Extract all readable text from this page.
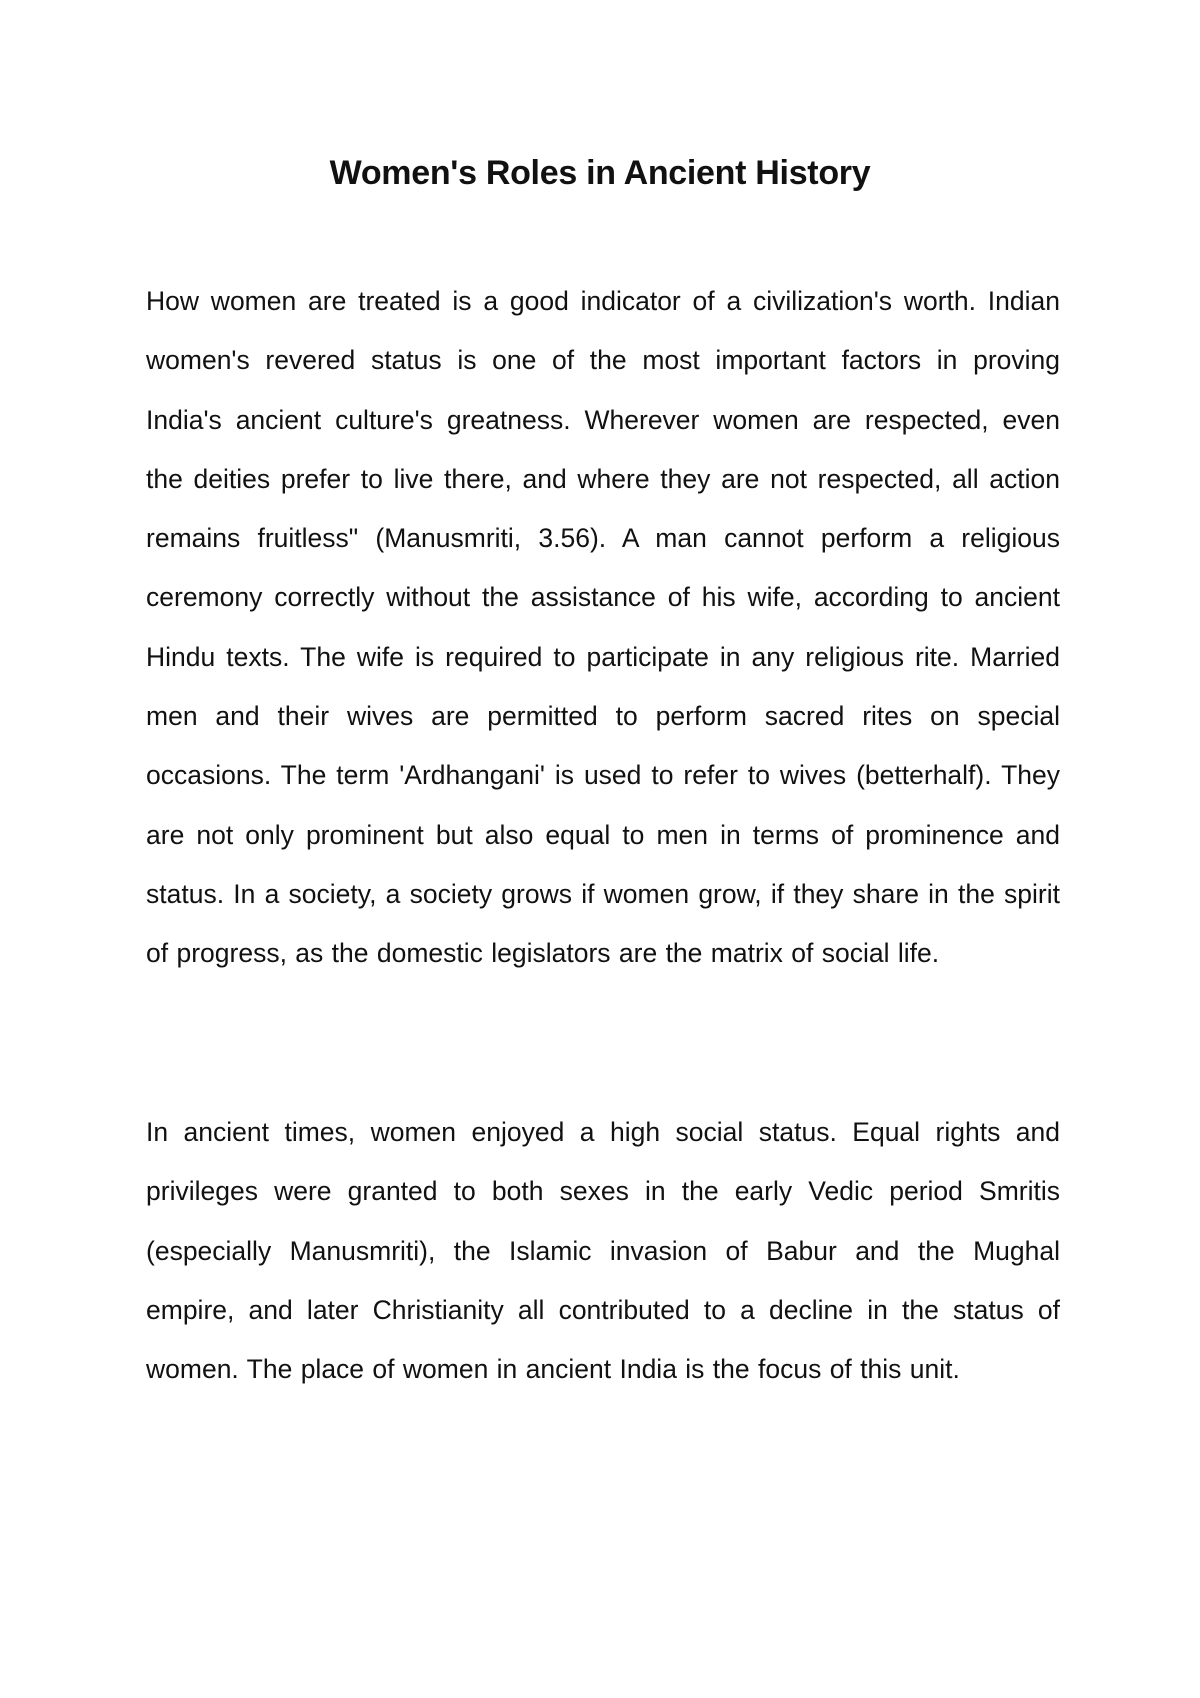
Women's Roles in Ancient History

How women are treated is a good indicator of a civilization's worth. Indian women's revered status is one of the most important factors in proving India's ancient culture's greatness. Wherever women are respected, even the deities prefer to live there, and where they are not respected, all action remains fruitless" (Manusmriti, 3.56). A man cannot perform a religious ceremony correctly without the assistance of his wife, according to ancient Hindu texts. The wife is required to participate in any religious rite. Married men and their wives are permitted to perform sacred rites on special occasions. The term 'Ardhangani' is used to refer to wives (betterhalf). They are not only prominent but also equal to men in terms of prominence and status. In a society, a society grows if women grow, if they share in the spirit of progress, as the domestic legislators are the matrix of social life.

In ancient times, women enjoyed a high social status. Equal rights and privileges were granted to both sexes in the early Vedic period Smritis (especially Manusmriti), the Islamic invasion of Babur and the Mughal empire, and later Christianity all contributed to a decline in the status of women. The place of women in ancient India is the focus of this unit.
